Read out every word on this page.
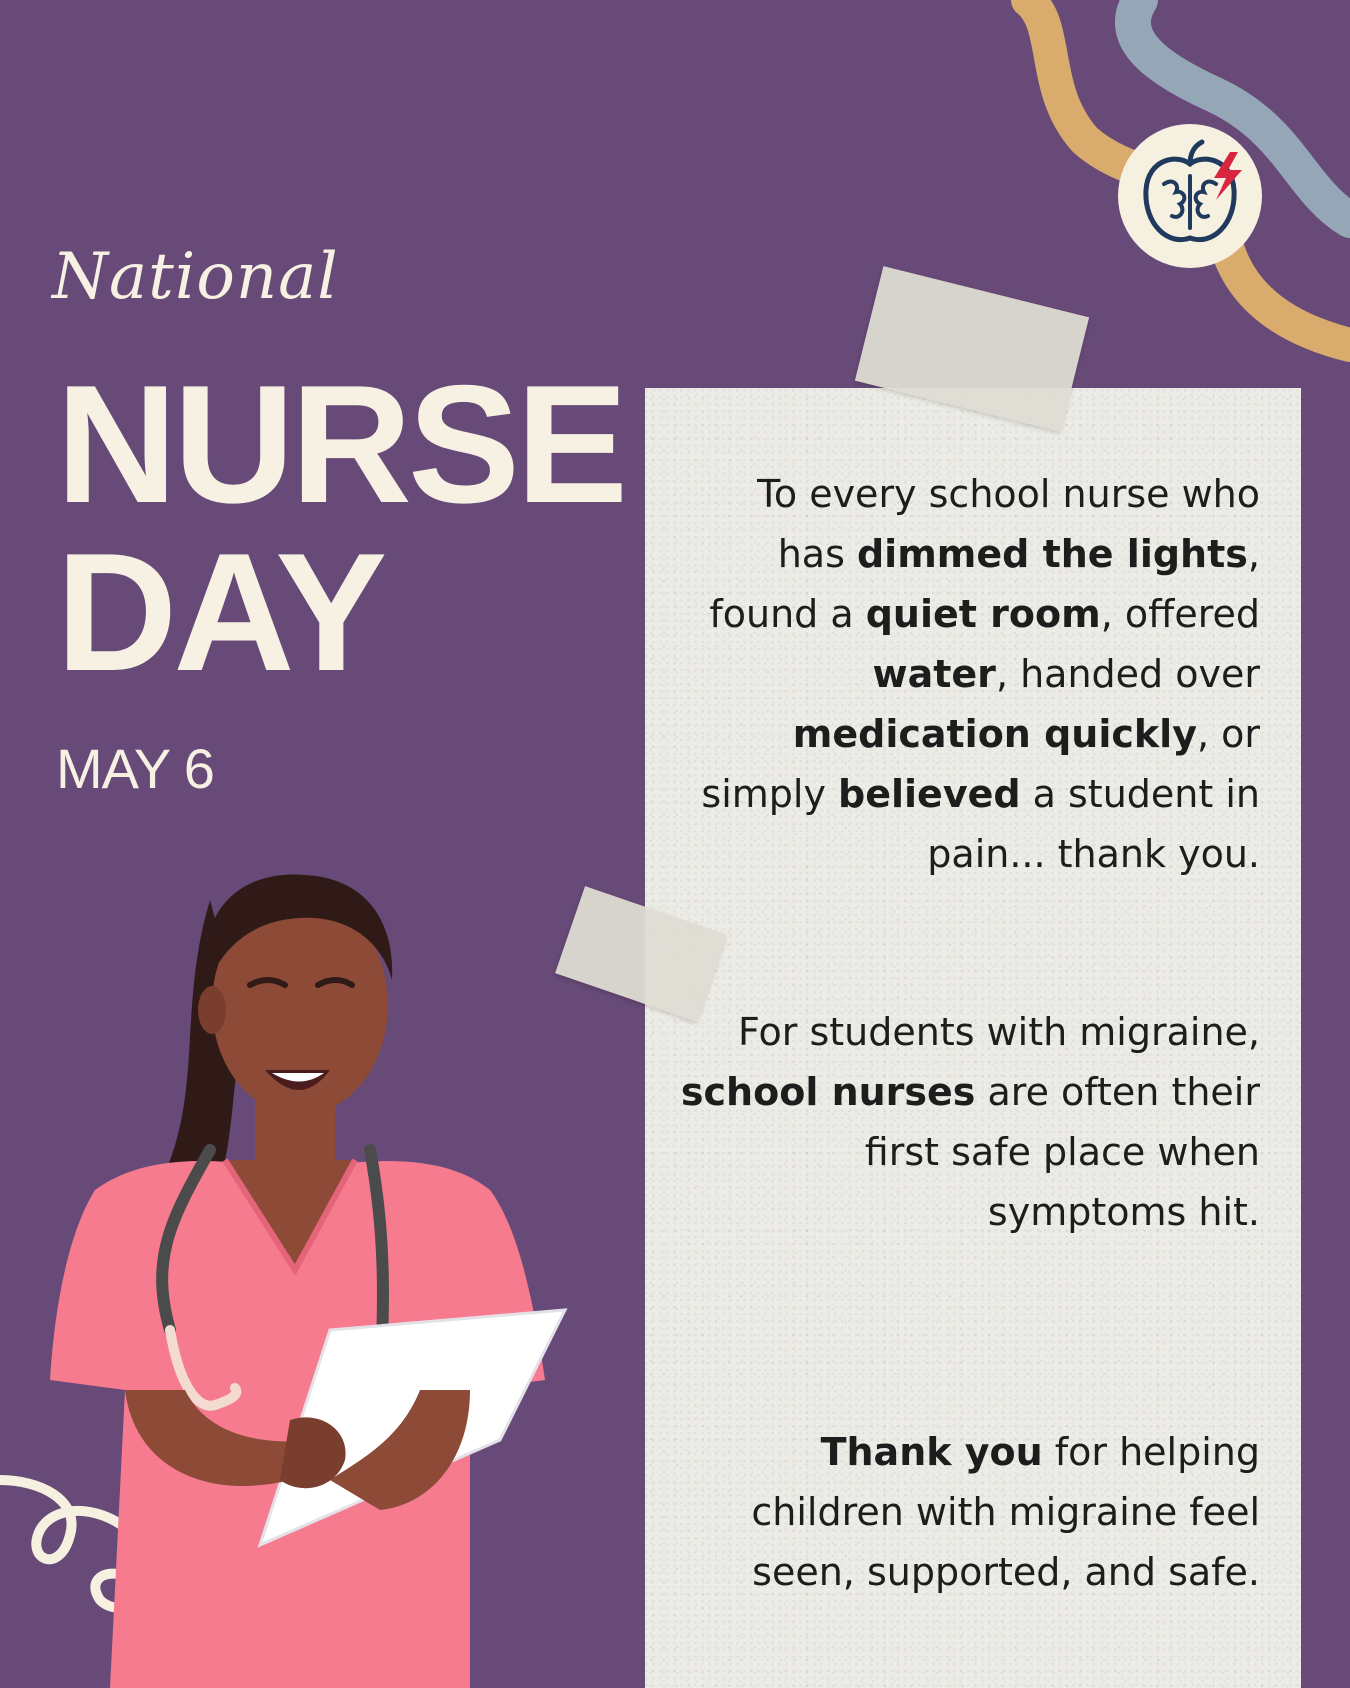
National
NURSE
DAY
MAY 6
To every school nurse who has dimmed the lights, found a quiet room, offered water, handed over medication quickly, or simply believed a student in pain... thank you.
For students with migraine, school nurses are often their first safe place when symptoms hit.
Thank you for helping children with migraine feel seen, supported, and safe.
